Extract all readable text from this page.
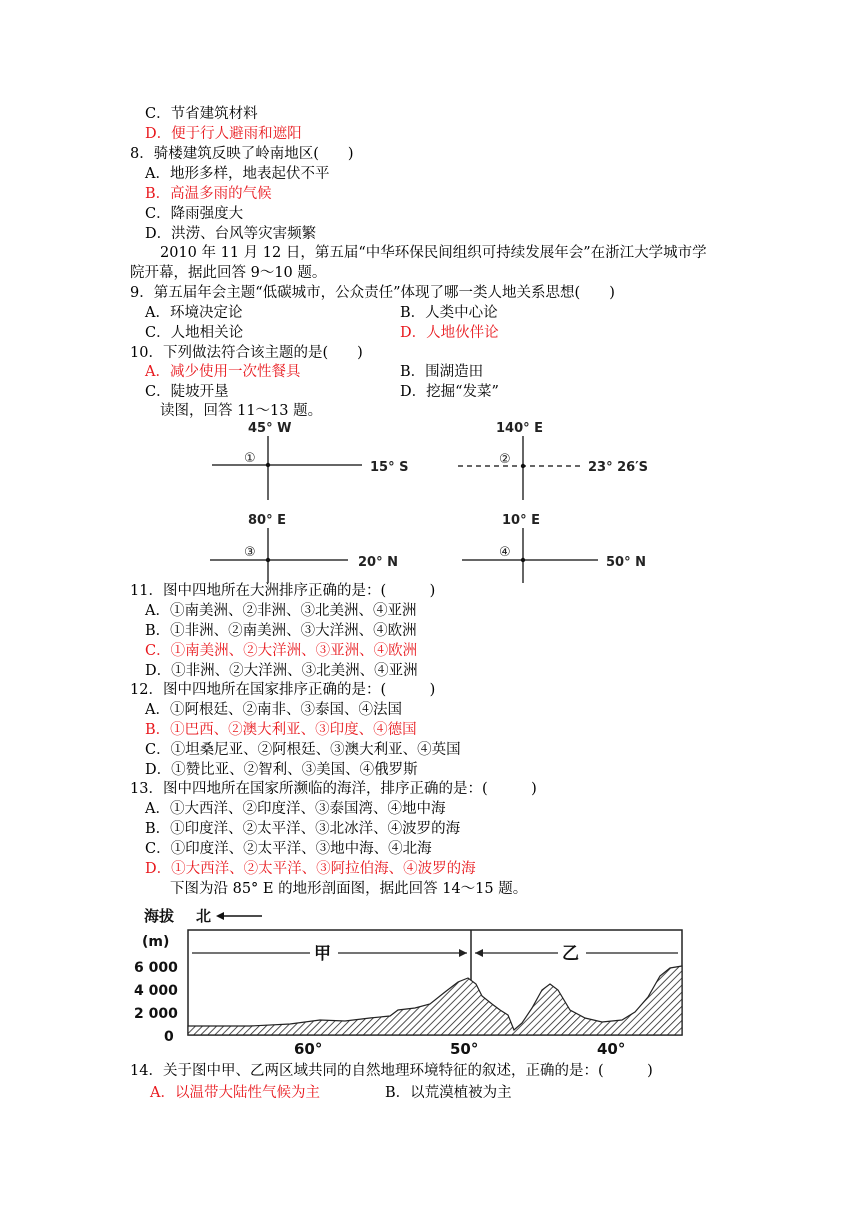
C．节省建筑材料
D．便于行人避雨和遮阳
8．骑楼建筑反映了岭南地区(　　)
A．地形多样，地表起伏不平
B．高温多雨的气候
C．降雨强度大
D．洪涝、台风等灾害频繁
2010 年 11 月 12 日，第五届“中华环保民间组织可持续发展年会”在浙江大学城市学
院开幕，据此回答 9～10 题。
9．第五届年会主题“低碳城市，公众责任”体现了哪一类人地关系思想(　　)
A．环境决定论	B．人类中心论
C．人地相关论	D．人地伙伴论
10．下列做法符合该主题的是(　　)
A．减少使用一次性餐具	B．围湖造田
C．陡坡开垦	D．挖掘“发菜”
读图，回答 11～13 题。
45° W
①
15° S
140° E
②
23° 26′S
80° E
③
20° N
10° E
④
50° N
11．图中四地所在大洲排序正确的是：(　　　)
A．①南美洲、②非洲、③北美洲、④亚洲
B．①非洲、②南美洲、③大洋洲、④欧洲
C．①南美洲、②大洋洲、③亚洲、④欧洲
D．①非洲、②大洋洲、③北美洲、④亚洲
12．图中四地所在国家排序正确的是：(　　　)
A．①阿根廷、②南非、③泰国、④法国
B．①巴西、②澳大利亚、③印度、④德国
C．①坦桑尼亚、②阿根廷、③澳大利亚、④英国
D．①赞比亚、②智利、③美国、④俄罗斯
13．图中四地所在国家所濒临的海洋，排序正确的是：(　　　)
A．①大西洋、②印度洋、③泰国湾、④地中海
B．①印度洋、②太平洋、③北冰洋、④波罗的海
C．①印度洋、②太平洋、③地中海、④北海
D．①大西洋、②太平洋、③阿拉伯海、④波罗的海
下图为沿 85° E 的地形剖面图，据此回答 14～15 题。
海拔 北
(m)
6 000
4 000
2 000
0
甲	乙
60°	50°	40°
14．关于图中甲、乙两区域共同的自然地理环境特征的叙述，正确的是：(　　　)
A．以温带大陆性气候为主	B．以荒漠植被为主
